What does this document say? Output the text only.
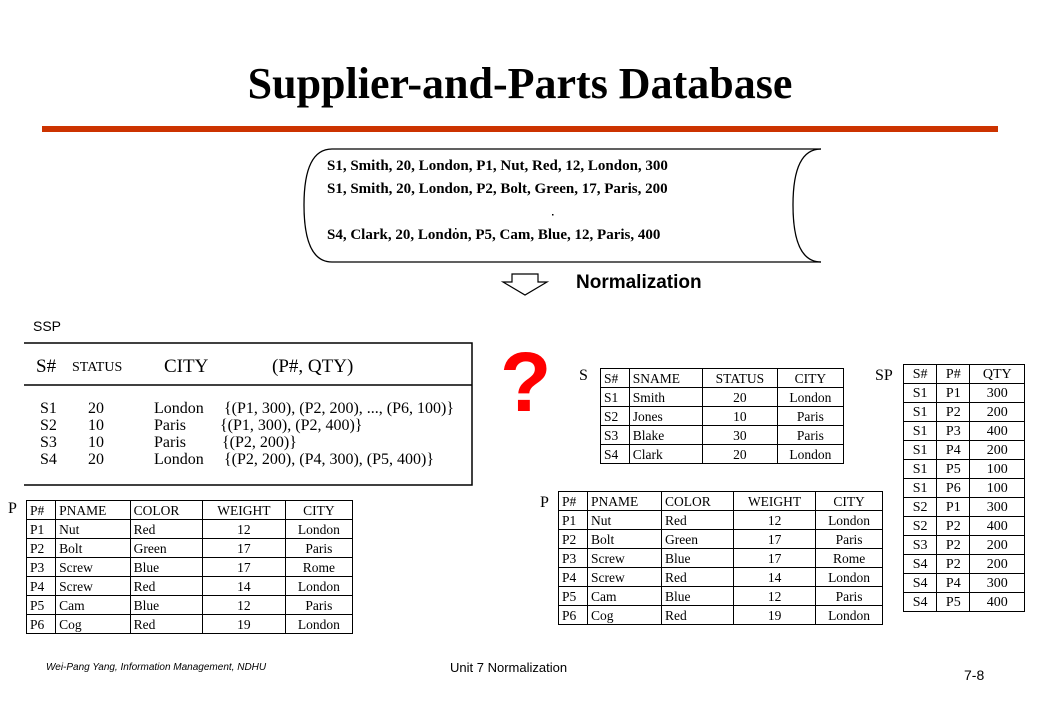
Supplier-and-Parts Database
S1, Smith, 20, London, P1, Nut, Red, 12, London, 300
S1, Smith, 20, London, P2, Bolt, Green, 17, Paris, 200
S4, Clark, 20, London, P5, Cam, Blue, 12, Paris, 400
Normalization
SSP
S# STATUS CITY	(P#, QTY)
S1 20	London {(P1, 300), (P2, 200), ..., (P6, 100)}
S2 10	Paris {(P1, 300), (P2, 400)}
S3 10	Paris {(P2, 200)}
S4 20	London {(P2, 200), (P4, 300), (P5, 400)}
? S S#	SNAME	STATUS	CITY
S1	Smith	20	London
S2	Jones	10	Paris
S3	Blake	30	Paris
S4	Clark	20	London
SP S#	P#	QTY
S1	P1	300
S1	P2	200
S1	P3	400
S1	P4	200
S1	P5	100
S1	P6	100
S2	P1	300
S2	P2	400
S3	P2	200
S4	P2	200
S4	P4	300
S4	P5	400
P P#	PNAME	COLOR	WEIGHT	CITY
P1	Nut	Red	12	London
P2	Bolt	Green	17	Paris
P3	Screw	Blue	17	Rome
P4	Screw	Red	14	London
P5	Cam	Blue	12	Paris
P6	Cog	Red	19	London
P P#	PNAME	COLOR	WEIGHT	CITY
P1	Nut	Red	12	London
P2	Bolt	Green	17	Paris
P3	Screw	Blue	17	Rome
P4	Screw	Red	14	London
P5	Cam	Blue	12	Paris
P6	Cog	Red	19	London
Wei-Pang Yang, Information Management, NDHU	Unit 7 Normalization	7-8
